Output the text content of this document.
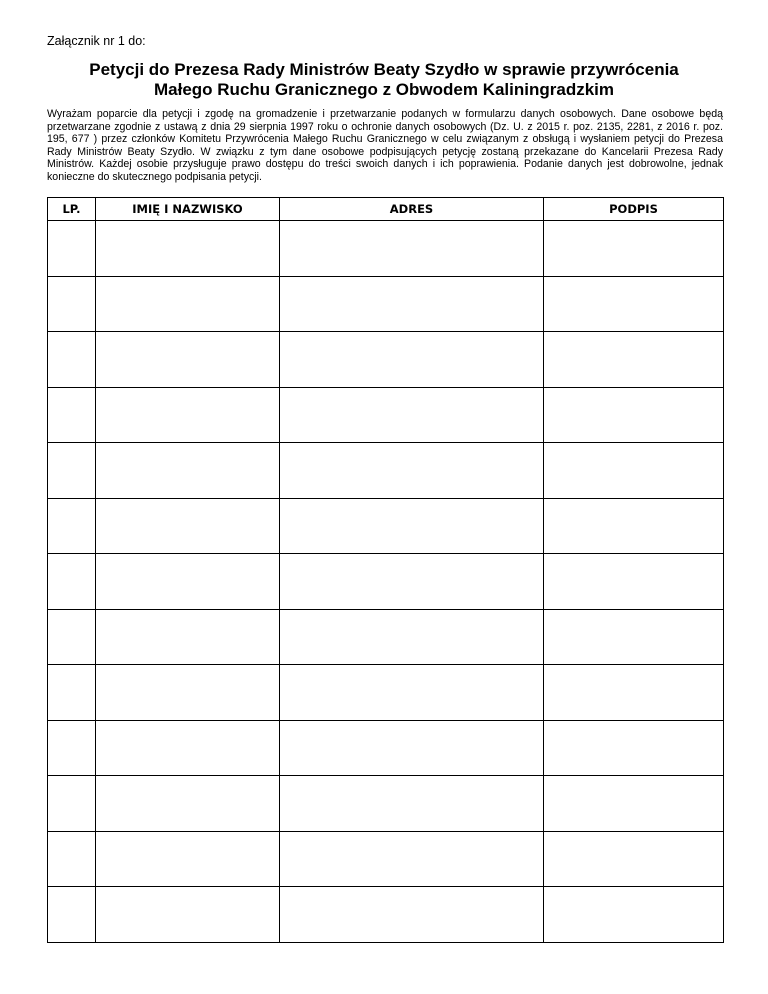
Załącznik nr 1 do:
Petycji do Prezesa Rady Ministrów Beaty Szydło w sprawie przywrócenia
Małego Ruchu Granicznego z Obwodem Kaliningradzkim
Wyrażam poparcie dla petycji i zgodę na gromadzenie i przetwarzanie podanych w formularzu danych osobowych. Dane osobowe będą przetwarzane zgodnie z ustawą z dnia 29 sierpnia 1997 roku o ochronie danych osobowych (Dz. U. z 2015 r. poz. 2135, 2281, z 2016 r. poz. 195, 677 ) przez członków Komitetu Przywrócenia Małego Ruchu Granicznego w celu związanym z obsługą i wysłaniem petycji do Prezesa Rady Ministrów Beaty Szydło. W związku z tym dane osobowe podpisujących petycję zostaną przekazane do Kancelarii Prezesa Rady Ministrów. Każdej osobie przysługuje prawo dostępu do treści swoich danych i ich poprawienia. Podanie danych jest dobrowolne, jednak konieczne do skutecznego podpisania petycji.
LP.	IMIĘ I NAZWISKO	ADRES	PODPIS
